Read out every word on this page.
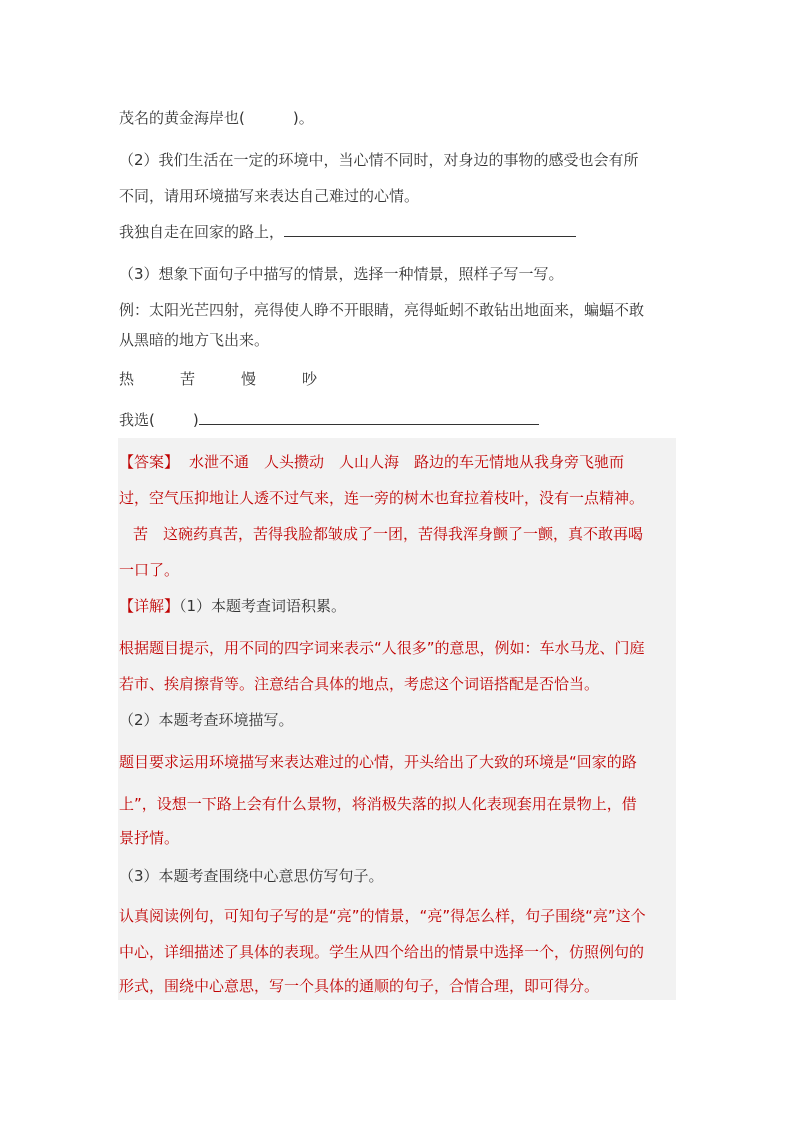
茂名的黄金海岸也(	)。
（2）我们生活在一定的环境中，当心情不同时，对身边的事物的感受也会有所
不同，请用环境描写来表达自己难过的心情。
我独自走在回家的路上，
（3）想象下面句子中描写的情景，选择一种情景，照样子写一写。
例：太阳光芒四射，亮得使人睁不开眼睛，亮得蚯蚓不敢钻出地面来，蝙蝠不敢
从黑暗的地方飞出来。
热	苦	慢	吵
我选(	)
【答案】 水泄不通　人头攒动　人山人海　路边的车无情地从我身旁飞驰而
过，空气压抑地让人透不过气来，连一旁的树木也耷拉着枝叶，没有一点精神。
苦　这碗药真苦，苦得我脸都皱成了一团，苦得我浑身颤了一颤，真不敢再喝
一口了。
【详解】（1）本题考查词语积累。
根据题目提示，用不同的四字词来表示“人很多”的意思，例如：车水马龙、门庭
若市、挨肩擦背等。注意结合具体的地点，考虑这个词语搭配是否恰当。
（2）本题考查环境描写。
题目要求运用环境描写来表达难过的心情，开头给出了大致的环境是“回家的路
上”，设想一下路上会有什么景物，将消极失落的拟人化表现套用在景物上，借
景抒情。
（3）本题考查围绕中心意思仿写句子。
认真阅读例句，可知句子写的是“亮”的情景，“亮”得怎么样，句子围绕“亮”这个
中心，详细描述了具体的表现。学生从四个给出的情景中选择一个，仿照例句的
形式，围绕中心意思，写一个具体的通顺的句子，合情合理，即可得分。
